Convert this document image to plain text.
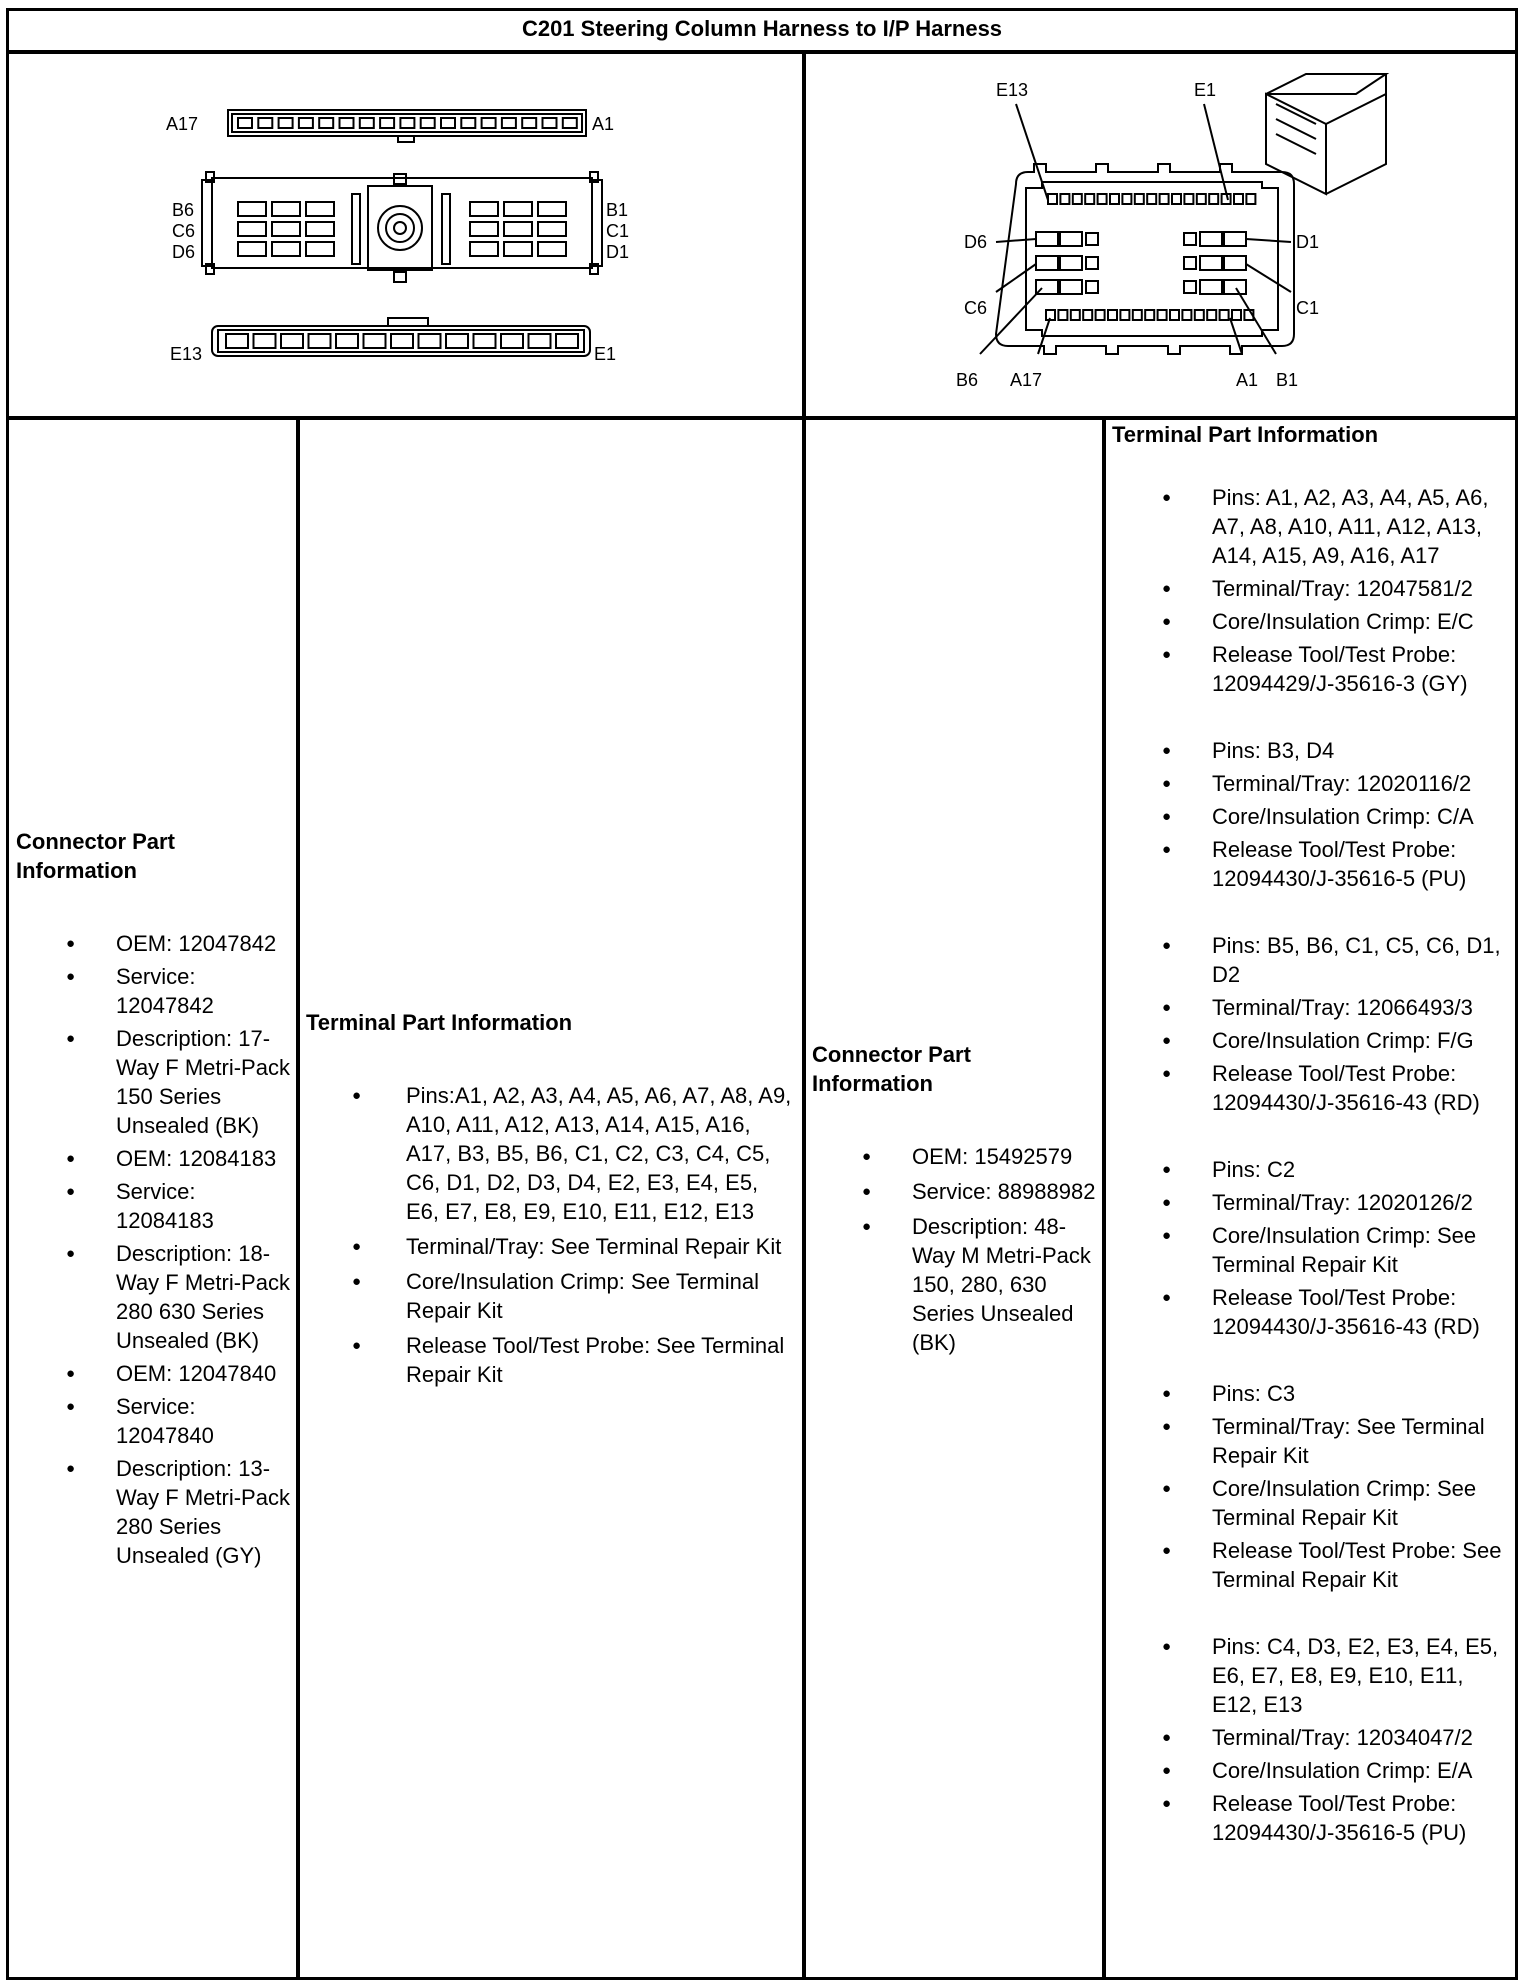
C201 Steering Column Harness to I/P Harness
A17	A1
B6
C6
D6
B1
C1
D1
E13	E1
E13	E1
D6	D1
C6	C1
B6 A17	A1 B1
Connector Part Information
● OEM: 12047842
● Service: 12047842
● Description: 17-Way F Metri-Pack 150 Series Unsealed (BK)
● OEM: 12084183
● Service: 12084183
● Description: 18-Way F Metri-Pack 280 630 Series Unsealed (BK)
● OEM: 12047840
● Service: 12047840
● Description: 13-Way F Metri-Pack 280 Series Unsealed (GY)
Terminal Part Information
● Pins:A1, A2, A3, A4, A5, A6, A7, A8, A9, A10, A11, A12, A13, A14, A15, A16, A17, B3, B5, B6, C1, C2, C3, C4, C5, C6, D1, D2, D3, D4, E2, E3, E4, E5, E6, E7, E8, E9, E10, E11, E12, E13
● Terminal/Tray: See Terminal Repair Kit
● Core/Insulation Crimp: See Terminal Repair Kit
● Release Tool/Test Probe: See Terminal Repair Kit
Connector Part Information
● OEM: 15492579
● Service: 88988982
● Description: 48-Way M Metri-Pack 150, 280, 630 Series Unsealed (BK)
Terminal Part Information
● Pins: A1, A2, A3, A4, A5, A6, A7, A8, A10, A11, A12, A13, A14, A15, A9, A16, A17
● Terminal/Tray: 12047581/2
● Core/Insulation Crimp: E/C
● Release Tool/Test Probe: 12094429/J-35616-3 (GY)
● Pins: B3, D4
● Terminal/Tray: 12020116/2
● Core/Insulation Crimp: C/A
● Release Tool/Test Probe: 12094430/J-35616-5 (PU)
● Pins: B5, B6, C1, C5, C6, D1, D2
● Terminal/Tray: 12066493/3
● Core/Insulation Crimp: F/G
● Release Tool/Test Probe: 12094430/J-35616-43 (RD)
● Pins: C2
● Terminal/Tray: 12020126/2
● Core/Insulation Crimp: See Terminal Repair Kit
● Release Tool/Test Probe: 12094430/J-35616-43 (RD)
● Pins: C3
● Terminal/Tray: See Terminal Repair Kit
● Core/Insulation Crimp: See Terminal Repair Kit
● Release Tool/Test Probe: See Terminal Repair Kit
● Pins: C4, D3, E2, E3, E4, E5, E6, E7, E8, E9, E10, E11, E12, E13
● Terminal/Tray: 12034047/2
● Core/Insulation Crimp: E/A
● Release Tool/Test Probe: 12094430/J-35616-5 (PU)
